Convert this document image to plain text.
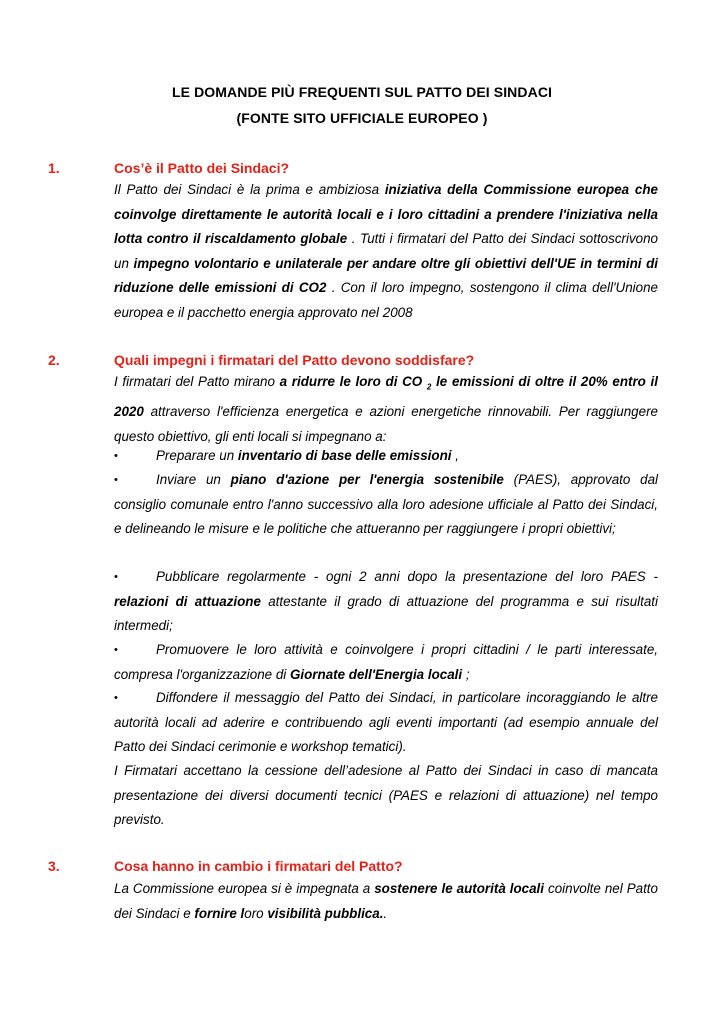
LE DOMANDE PIÙ FREQUENTI SUL PATTO DEI SINDACI
(FONTE SITO UFFICIALE EUROPEO )
1.	Cos’è il Patto dei Sindaci?

Il Patto dei Sindaci è la prima e ambiziosa iniziativa della Commissione europea che coinvolge direttamente le autorità locali e i loro cittadini a prendere l'iniziativa nella lotta contro il riscaldamento globale . Tutti i firmatari del Patto dei Sindaci sottoscrivono un impegno volontario e unilaterale per andare oltre gli obiettivi dell'UE in termini di riduzione delle emissioni di CO2 . Con il loro impegno, sostengono il clima dell'Unione europea e il pacchetto energia approvato nel 2008

2.	Quali impegni i firmatari del Patto devono soddisfare?

I firmatari del Patto mirano a ridurre le loro di CO $_2$ le emissioni di oltre il 20% entro il 2020 attraverso l'efficienza energetica e azioni energetiche rinnovabili. Per raggiungere questo obiettivo, gli enti locali si impegnano a:

•	Preparare un inventario di base delle emissioni ,

•	Inviare un piano d'azione per l'energia sostenibile (PAES), approvato dal consiglio comunale entro l'anno successivo alla loro adesione ufficiale al Patto dei Sindaci, e delineando le misure e le politiche che attueranno per raggiungere i propri obiettivi;

•	Pubblicare regolarmente - ogni 2 anni dopo la presentazione del loro PAES - relazioni di attuazione attestante il grado di attuazione del programma e sui risultati intermedi;

•	Promuovere le loro attività e coinvolgere i propri cittadini / le parti interessate, compresa l'organizzazione di Giornate dell'Energia locali ;

•	Diffondere il messaggio del Patto dei Sindaci, in particolare incoraggiando le altre autorità locali ad aderire e contribuendo agli eventi importanti (ad esempio annuale del Patto dei Sindaci cerimonie e workshop tematici).

I Firmatari accettano la cessione dell’adesione al Patto dei Sindaci in caso di mancata presentazione dei diversi documenti tecnici (PAES e relazioni di attuazione) nel tempo previsto.

3.	Cosa hanno in cambio i firmatari del Patto?

La Commissione europea si è impegnata a sostenere le autorità locali coinvolte nel Patto dei Sindaci e fornire loro visibilità pubblica..
